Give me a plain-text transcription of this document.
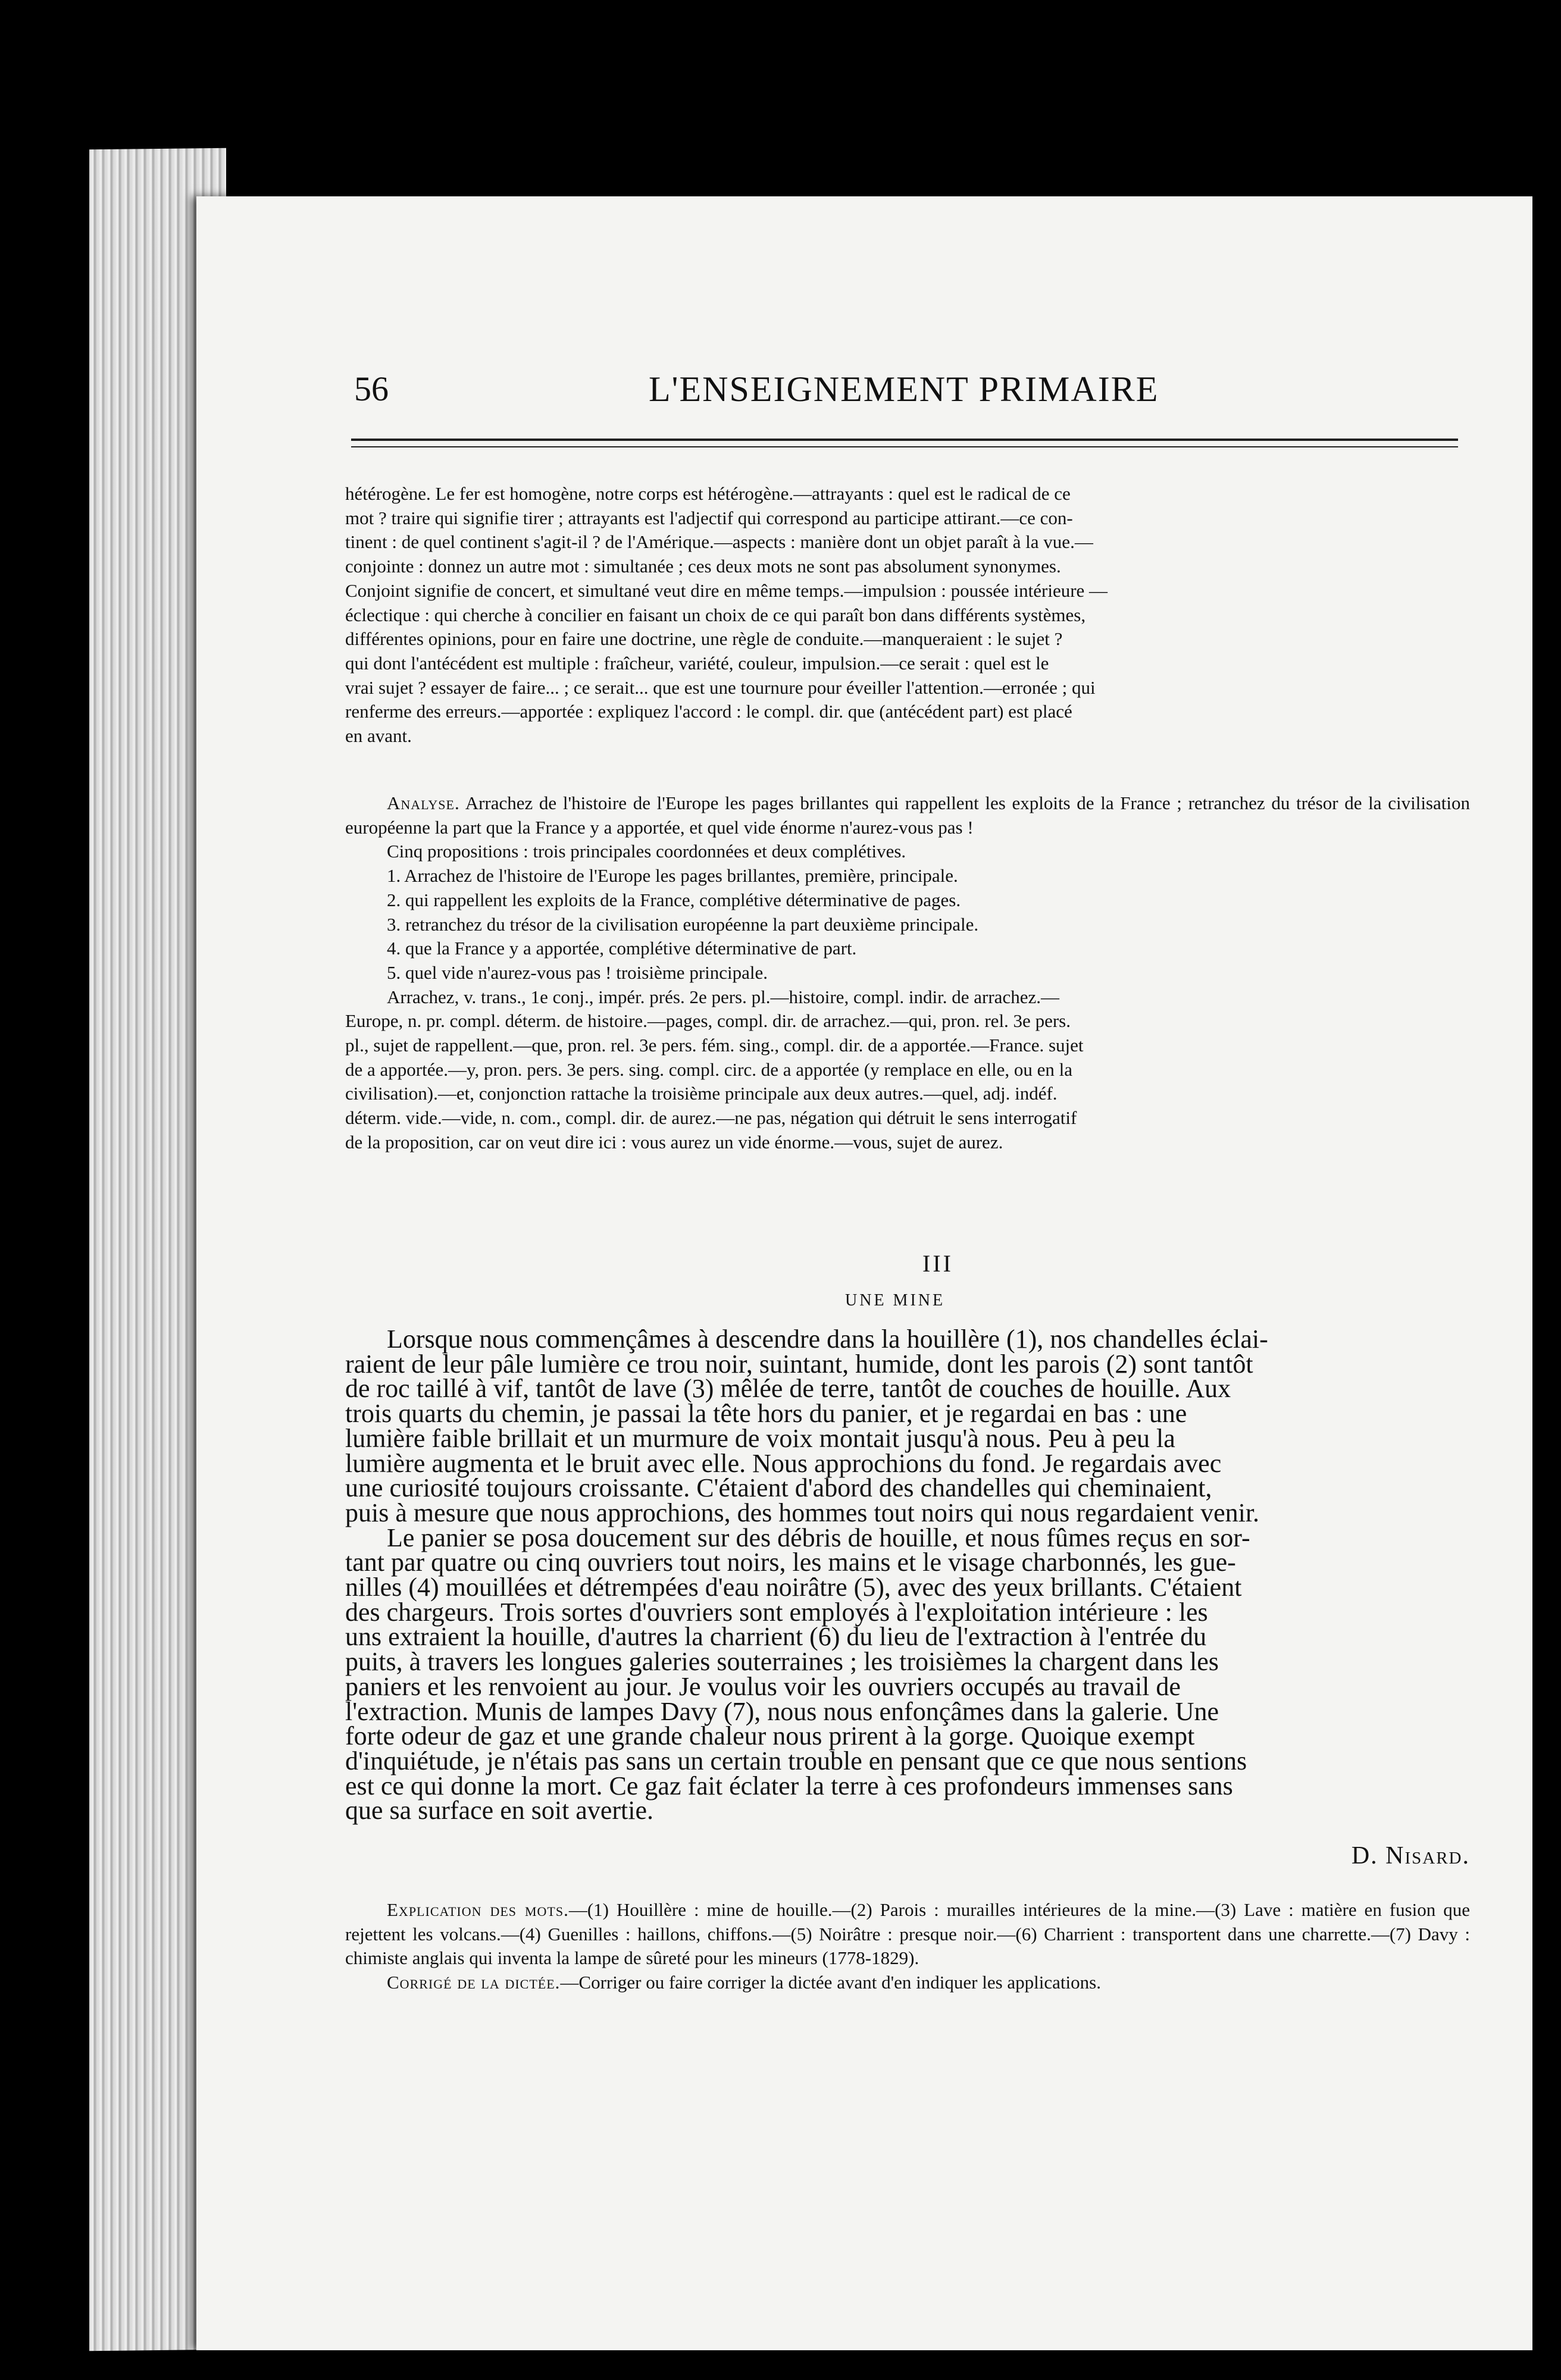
56	L'ENSEIGNEMENT PRIMAIRE

hétérogène. Le fer est homogène, notre corps est hétérogène.—attrayants : quel est le radical de ce

mot ? traire qui signifie tirer ; attrayants est l'adjectif qui correspond au participe attirant.—ce con-

tinent : de quel continent s'agit-il ? de l'Amérique.—aspects : manière dont un objet paraît à la vue.—

conjointe : donnez un autre mot : simultanée ; ces deux mots ne sont pas absolument synonymes.

Conjoint signifie de concert, et simultané veut dire en même temps.—impulsion : poussée intérieure —

éclectique : qui cherche à concilier en faisant un choix de ce qui paraît bon dans différents systèmes,

différentes opinions, pour en faire une doctrine, une règle de conduite.—manqueraient : le sujet ?

qui dont l'antécédent est multiple : fraîcheur, variété, couleur, impulsion.—ce serait : quel est le

vrai sujet ? essayer de faire... ; ce serait... que est une tournure pour éveiller l'attention.—erronée ; qui

renferme des erreurs.—apportée : expliquez l'accord : le compl. dir. que (antécédent part) est placé

en avant.

Analyse. Arrachez de l'histoire de l'Europe les pages brillantes qui rappellent les exploits de la France ; retranchez du trésor de la civilisation européenne la part que la France y a apportée, et quel vide énorme n'aurez-vous pas !

Cinq propositions : trois principales coordonnées et deux complétives.

1. Arrachez de l'histoire de l'Europe les pages brillantes, première, principale.

2. qui rappellent les exploits de la France, complétive déterminative de pages.

3. retranchez du trésor de la civilisation européenne la part deuxième principale.

4. que la France y a apportée, complétive déterminative de part.

5. quel vide n'aurez-vous pas ! troisième principale.

Arrachez, v. trans., 1e conj., impér. prés. 2e pers. pl.—histoire, compl. indir. de arrachez.—

Europe, n. pr. compl. déterm. de histoire.—pages, compl. dir. de arrachez.—qui, pron. rel. 3e pers.

pl., sujet de rappellent.—que, pron. rel. 3e pers. fém. sing., compl. dir. de a apportée.—France. sujet

de a apportée.—y, pron. pers. 3e pers. sing. compl. circ. de a apportée (y remplace en elle, ou en la

civilisation).—et, conjonction rattache la troisième principale aux deux autres.—quel, adj. indéf.

déterm. vide.—vide, n. com., compl. dir. de aurez.—ne pas, négation qui détruit le sens interrogatif

de la proposition, car on veut dire ici : vous aurez un vide énorme.—vous, sujet de aurez.

III
UNE MINE

Lorsque nous commençâmes à descendre dans la houillère (1), nos chandelles éclai-

raient de leur pâle lumière ce trou noir, suintant, humide, dont les parois (2) sont tantôt

de roc taillé à vif, tantôt de lave (3) mêlée de terre, tantôt de couches de houille. Aux

trois quarts du chemin, je passai la tête hors du panier, et je regardai en bas : une

lumière faible brillait et un murmure de voix montait jusqu'à nous. Peu à peu la

lumière augmenta et le bruit avec elle. Nous approchions du fond. Je regardais avec

une curiosité toujours croissante. C'étaient d'abord des chandelles qui cheminaient,

puis à mesure que nous approchions, des hommes tout noirs qui nous regardaient venir.

Le panier se posa doucement sur des débris de houille, et nous fûmes reçus en sor-

tant par quatre ou cinq ouvriers tout noirs, les mains et le visage charbonnés, les gue-

nilles (4) mouillées et détrempées d'eau noirâtre (5), avec des yeux brillants. C'étaient

des chargeurs. Trois sortes d'ouvriers sont employés à l'exploitation intérieure : les

uns extraient la houille, d'autres la charrient (6) du lieu de l'extraction à l'entrée du

puits, à travers les longues galeries souterraines ; les troisièmes la chargent dans les

paniers et les renvoient au jour. Je voulus voir les ouvriers occupés au travail de

l'extraction. Munis de lampes Davy (7), nous nous enfonçâmes dans la galerie. Une

forte odeur de gaz et une grande chaleur nous prirent à la gorge. Quoique exempt

d'inquiétude, je n'étais pas sans un certain trouble en pensant que ce que nous sentions

est ce qui donne la mort. Ce gaz fait éclater la terre à ces profondeurs immenses sans

que sa surface en soit avertie.

D. Nisard.

Explication des mots.—(1) Houillère : mine de houille.—(2) Parois : murailles intérieures de la mine.—(3) Lave : matière en fusion que rejettent les volcans.—(4) Guenilles : haillons, chiffons.—(5) Noirâtre : presque noir.—(6) Charrient : transportent dans une charrette.—(7) Davy : chimiste anglais qui inventa la lampe de sûreté pour les mineurs (1778-1829).

Corrigé de la dictée.—Corriger ou faire corriger la dictée avant d'en indiquer les applications.
